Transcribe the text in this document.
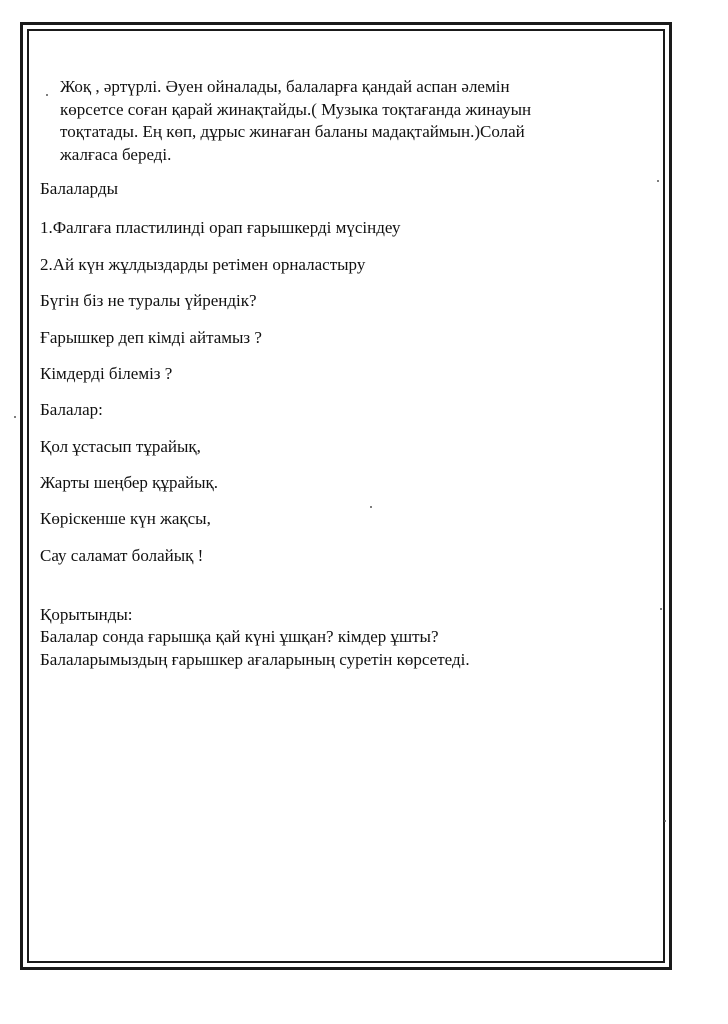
Жоқ , әртүрлі. Әуен ойналады, балаларға қандай аспан әлемін
көрсетсе соған қарай жинақтайды.( Музыка тоқтағанда жинауын
тоқтатады. Ең көп, дұрыс жинаған баланы мадақтаймын.)Солай
жалғаса береді.
Балаларды
1.Фалгаға пластилинді орап ғарышкерді мүсіндеу
2.Ай күн жұлдыздарды ретімен орналастыру
Бүгін біз не туралы үйрендік?
Ғарышкер деп кімді айтамыз ?
Кімдерді білеміз ?
Балалар:
Қол ұстасып тұрайық,
Жарты шеңбер құрайық.
Көріскенше күн жақсы,
Сау саламат болайық !
Қорытынды:
Балалар сонда ғарышқа қай күні ұшқан? кімдер ұшты?
Балаларымыздың ғарышкер ағаларының суретін көрсетеді.
